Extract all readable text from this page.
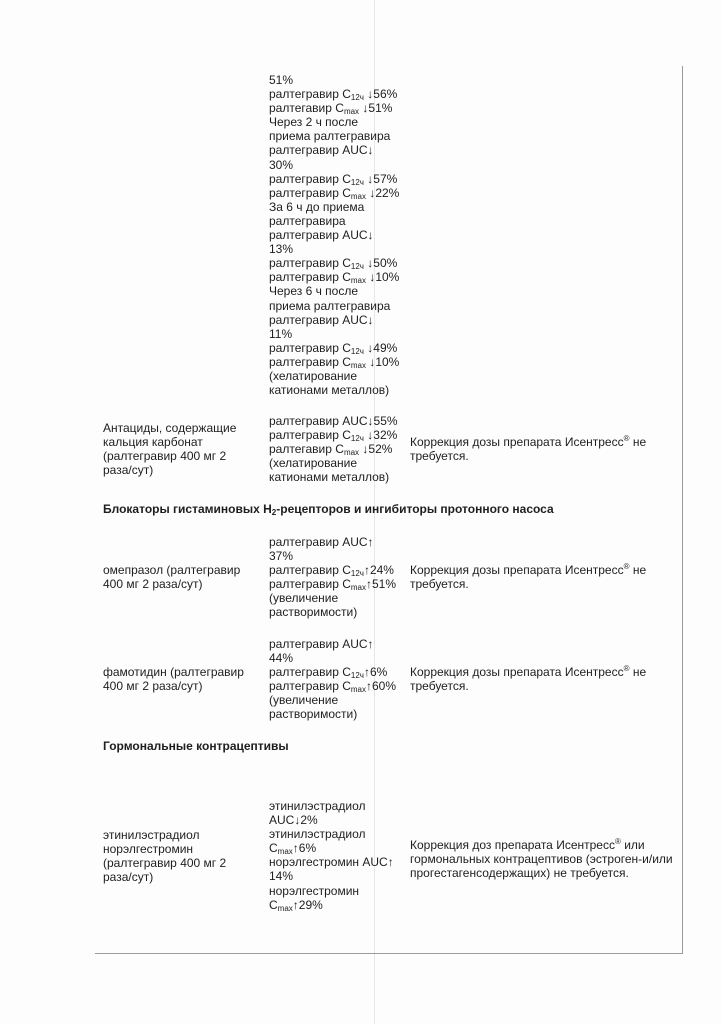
51%
ралтегравир $C_{12ч}$ ↓56%
ралтегавир $C_{max}$ ↓51%
Через 2 ч после
приема ралтегравира
ралтегравир AUC↓
30%
ралтегравир $C_{12ч}$ ↓57%
ралтегравир $C_{max}$ ↓22%
За 6 ч до приема
ралтегравира
ралтегравир AUC↓
13%
ралтегравир $C_{12ч}$ ↓50%
ралтегравир $C_{max}$ ↓10%
Через 6 ч после
приема ралтегравира
ралтегравир AUC↓
11%
ралтегравир $C_{12ч}$ ↓49%
ралтегравир $C_{max}$ ↓10%
(хелатирование
катионами металлов)
Антациды, содержащие
кальция карбонат
(ралтегравир 400 мг 2
раза/сут)
ралтегравир AUC↓55%
ралтегравир $C_{12ч}$ ↓32%
ралтегавир $C_{max}$ ↓52%
(хелатирование
катионами металлов)
Коррекция дозы препарата Исентресс® не требуется.
Блокаторы гистаминовых $H_2$-рецепторов и ингибиторы протонного насоса
омепразол (ралтегравир
400 мг 2 раза/сут)
ралтегравир AUC↑
37%
ралтегравир $C_{12ч}↑24\%$
ралтегравир $C_{max}↑51\%$
(увеличение
растворимости)
Коррекция дозы препарата Исентресс® не требуется.
фамотидин (ралтегравир
400 мг 2 раза/сут)
ралтегравир AUC↑
44%
ралтегравир $C_{12ч}↑6\%$
ралтегравир $C_{max}↑60\%$
(увеличение
растворимости)
Коррекция дозы препарата Исентресс® не требуется.
Гормональные контрацептивы
этинилэстрадиол
норэлгестромин
(ралтегравир 400 мг 2
раза/сут)
этинилэстрадиол
AUC↓2%
этинилэстрадиол
$C_{max}↑6\%$
норэлгестромин AUC↑
14%
норэлгестромин
$C_{max}↑29\%$
Коррекция доз препарата Исентресс® или гормональных контрацептивов (эстроген-и/или прогестагенсодержащих) не требуется.
